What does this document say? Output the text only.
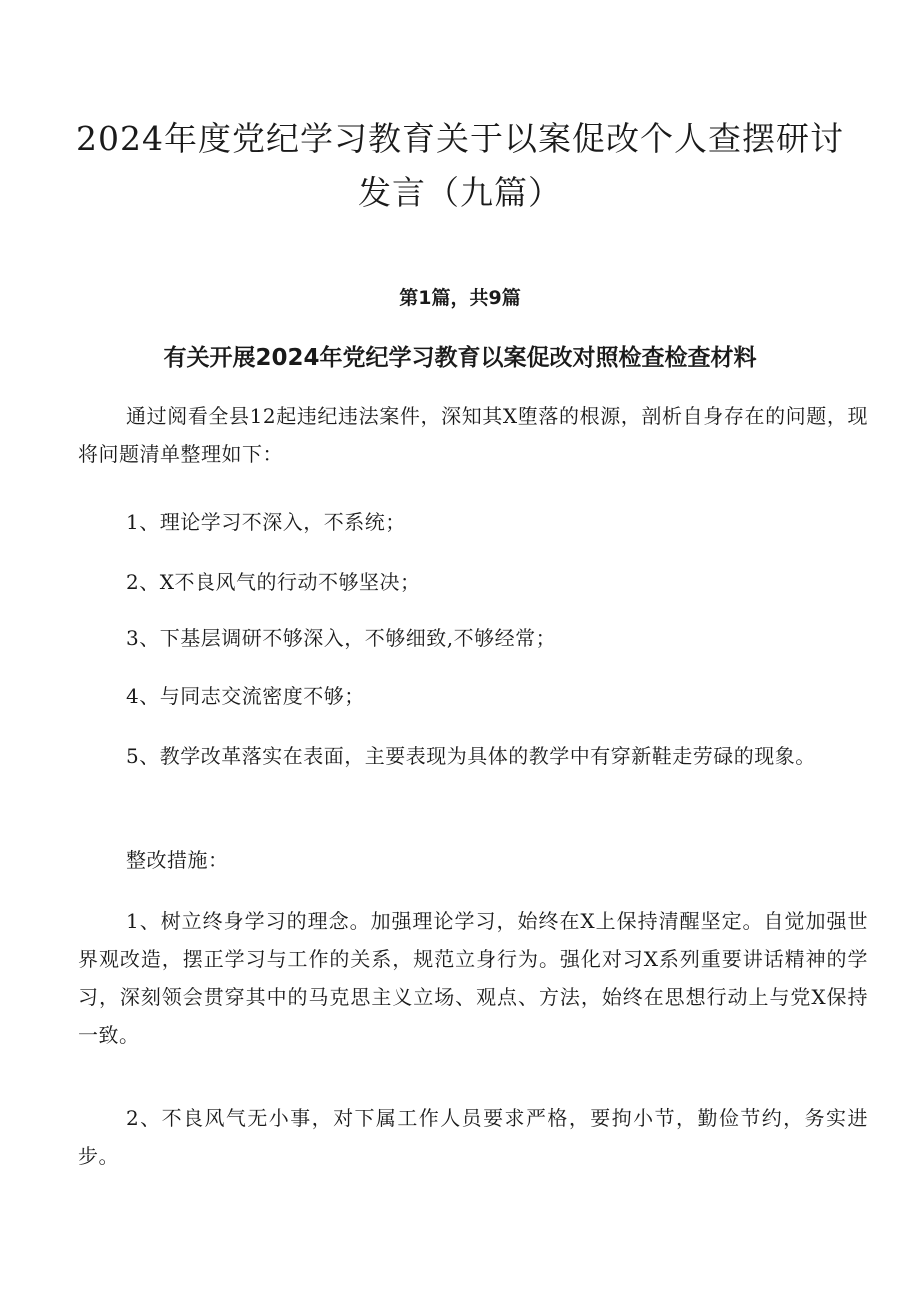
2024年度党纪学习教育关于以案促改个人查摆研讨发言（九篇）
第1篇，共9篇
有关开展2024年党纪学习教育以案促改对照检查检查材料

通过阅看全县12起违纪违法案件，深知其X堕落的根源，剖析自身存在的问题，现将问题清单整理如下：

1、理论学习不深入，不系统；

2、X不良风气的行动不够坚决；

3、下基层调研不够深入，不够细致,不够经常；

4、与同志交流密度不够；

5、教学改革落实在表面，主要表现为具体的教学中有穿新鞋走劳碌的现象。

整改措施：

1、树立终身学习的理念。加强理论学习，始终在X上保持清醒坚定。自觉加强世界观改造，摆正学习与工作的关系，规范立身行为。强化对习X系列重要讲话精神的学习，深刻领会贯穿其中的马克思主义立场、观点、方法，始终在思想行动上与党X保持一致。

2、不良风气无小事，对下属工作人员要求严格，要拘小节，勤俭节约，务实进步。
